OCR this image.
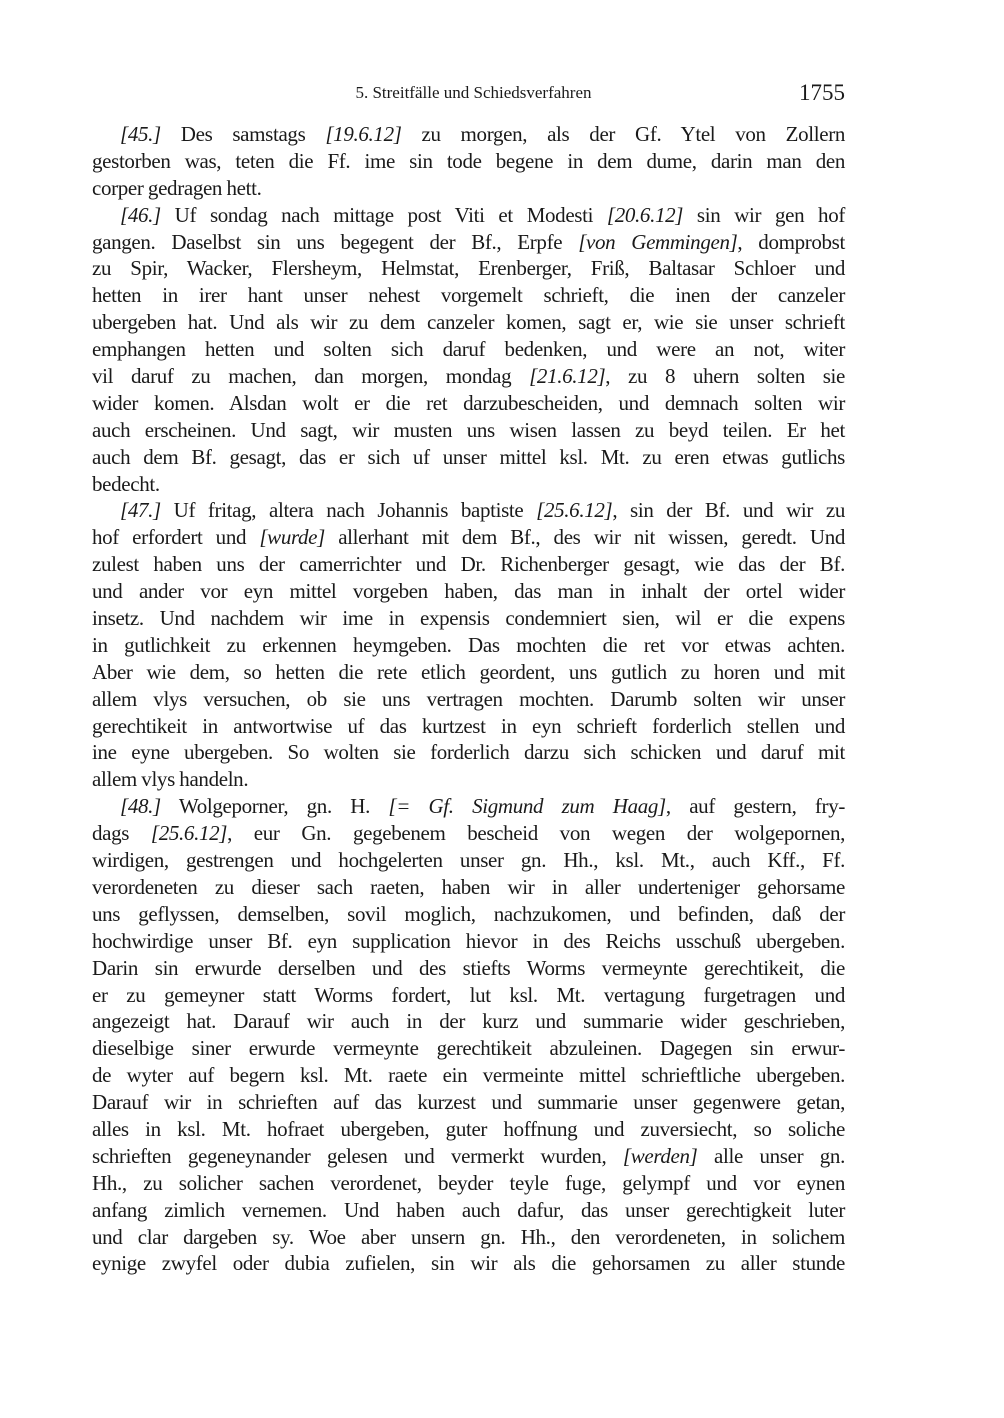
5. Streitfälle und Schiedsverfahren	1755
[45.] Des samstags [19.6.12] zu morgen, als der Gf. Ytel von Zollern
gestorben was, teten die Ff. ime sin tode begene in dem dume, darin man den
corper gedragen hett.
[46.] Uf sondag nach mittage post Viti et Modesti [20.6.12] sin wir gen hof
gangen. Daselbst sin uns begegent der Bf., Erpfe [von Gemmingen], domprobst
zu Spir, Wacker, Flersheym, Helmstat, Erenberger, Friß, Baltasar Schloer und
hetten in irer hant unser nehest vorgemelt schrieft, die inen der canzeler
ubergeben hat. Und als wir zu dem canzeler komen, sagt er, wie sie unser schrieft
emphangen hetten und solten sich daruf bedenken, und were an not, witer
vil daruf zu machen, dan morgen, mondag [21.6.12], zu 8 uhern solten sie
wider komen. Alsdan wolt er die ret darzubescheiden, und demnach solten wir
auch erscheinen. Und sagt, wir musten uns wisen lassen zu beyd teilen. Er het
auch dem Bf. gesagt, das er sich uf unser mittel ksl. Mt. zu eren etwas gutlichs
bedecht.
[47.] Uf fritag, altera nach Johannis baptiste [25.6.12], sin der Bf. und wir zu
hof erfordert und [wurde] allerhant mit dem Bf., des wir nit wissen, geredt. Und
zulest haben uns der camerrichter und Dr. Richenberger gesagt, wie das der Bf.
und ander vor eyn mittel vorgeben haben, das man in inhalt der ortel wider
insetz. Und nachdem wir ime in expensis condemniert sien, wil er die expens
in gutlichkeit zu erkennen heymgeben. Das mochten die ret vor etwas achten.
Aber wie dem, so hetten die rete etlich geordent, uns gutlich zu horen und mit
allem vlys versuchen, ob sie uns vertragen mochten. Darumb solten wir unser
gerechtikeit in antwortwise uf das kurtzest in eyn schrieft forderlich stellen und
ine eyne ubergeben. So wolten sie forderlich darzu sich schicken und daruf mit
allem vlys handeln.
[48.] Wolgeporner, gn. H. [= Gf. Sigmund zum Haag], auf gestern, fry-
dags [25.6.12], eur Gn. gegebenem bescheid von wegen der wolgepornen,
wirdigen, gestrengen und hochgelerten unser gn. Hh., ksl. Mt., auch Kff., Ff.
verordeneten zu dieser sach raeten, haben wir in aller underteniger gehorsame
uns geflyssen, demselben, sovil moglich, nachzukomen, und befinden, daß der
hochwirdige unser Bf. eyn supplication hievor in des Reichs usschuß ubergeben.
Darin sin erwurde derselben und des stiefts Worms vermeynte gerechtikeit, die
er zu gemeyner statt Worms fordert, lut ksl. Mt. vertagung furgetragen und
angezeigt hat. Darauf wir auch in der kurz und summarie wider geschrieben,
dieselbige siner erwurde vermeynte gerechtikeit abzuleinen. Dagegen sin erwur-
de wyter auf begern ksl. Mt. raete ein vermeinte mittel schrieftliche ubergeben.
Darauf wir in schrieften auf das kurzest und summarie unser gegenwere getan,
alles in ksl. Mt. hofraet ubergeben, guter hoffnung und zuversiecht, so soliche
schrieften gegeneynander gelesen und vermerkt wurden, [werden] alle unser gn.
Hh., zu solicher sachen verordenet, beyder teyle fuge, gelympf und vor eynen
anfang zimlich vernemen. Und haben auch dafur, das unser gerechtigkeit luter
und clar dargeben sy. Woe aber unsern gn. Hh., den verordeneten, in solichem
eynige zwyfel oder dubia zufielen, sin wir als die gehorsamen zu aller stunde
